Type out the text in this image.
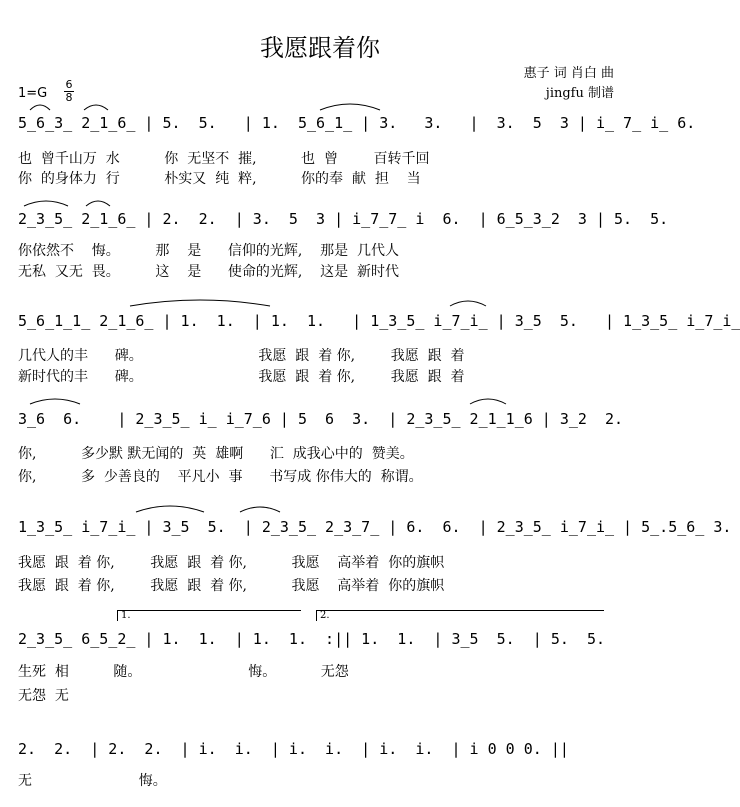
我愿跟着你
惠子 词 肖白 曲
jingfu 制谱
1=G
6
8
5̲6̲3̲ 2̲1̲6̲ | 5.  5.   | 1.  5̲6̲1̲ | 3.   3.   |  3.  5  3 | i̲ 7̲ i̲ 6.
也  曾千山万  水          你  无坚不  摧,          也  曾        百转千回
你  的身体力  行          朴实又  纯  粹,          你的奉  献  担    当
2̲3̲5̲ 2̲1̲6̲ | 2.  2.  | 3.  5  3 | i̲7̲7̲ i  6.  | 6̲5̲3̲2  3 | 5.  5.
你依然不    悔。        那    是      信仰的光辉,    那是  几代人
无私  又无  畏。        这    是      使命的光辉,    这是  新时代
5̲6̲1̲1̲ 2̲1̲6̲ | 1.  1.  | 1.  1.   | 1̲3̲5̲ i̲7̲i̲ | 3̲5  5.   | 1̲3̲5̲ i̲7̲i̲
几代人的丰      碑。                          我愿  跟  着 你,        我愿  跟  着
新时代的丰      碑。                          我愿  跟  着 你,        我愿  跟  着
3̲6  6.    | 2̲3̲5̲ i̲ i̲7̲6 | 5  6  3.  | 2̲3̲5̲ 2̲1̲1̲6 | 3̲2  2.
你,          多少默 默无闻的  英  雄啊      汇  成我心中的  赞美。
你,          多  少善良的    平凡小  事      书写成 你伟大的  称谓。
1̲3̲5̲ i̲7̲i̲ | 3̲5  5.  | 2̲3̲5̲ 2̲3̲7̲ | 6.  6.  | 2̲3̲5̲ i̲7̲i̲ | 5̲.5̲6̲ 3.
我愿  跟  着 你,        我愿  跟  着 你,          我愿    高举着  你的旗帜
我愿  跟  着 你,        我愿  跟  着 你,          我愿    高举着  你的旗帜
1.	2.
2̲3̲5̲ 6̲5̲2̲ | 1.  1.  | 1.  1.  :|| 1.  1.  | 3̲5  5.  | 5.  5.
生死  相          随。                        悔。          无怨
无怨  无
2.  2.  | 2.  2.  | i.  i.  | i.  i.  | i.  i.  | i 0 0 0. ||
无                        悔。
